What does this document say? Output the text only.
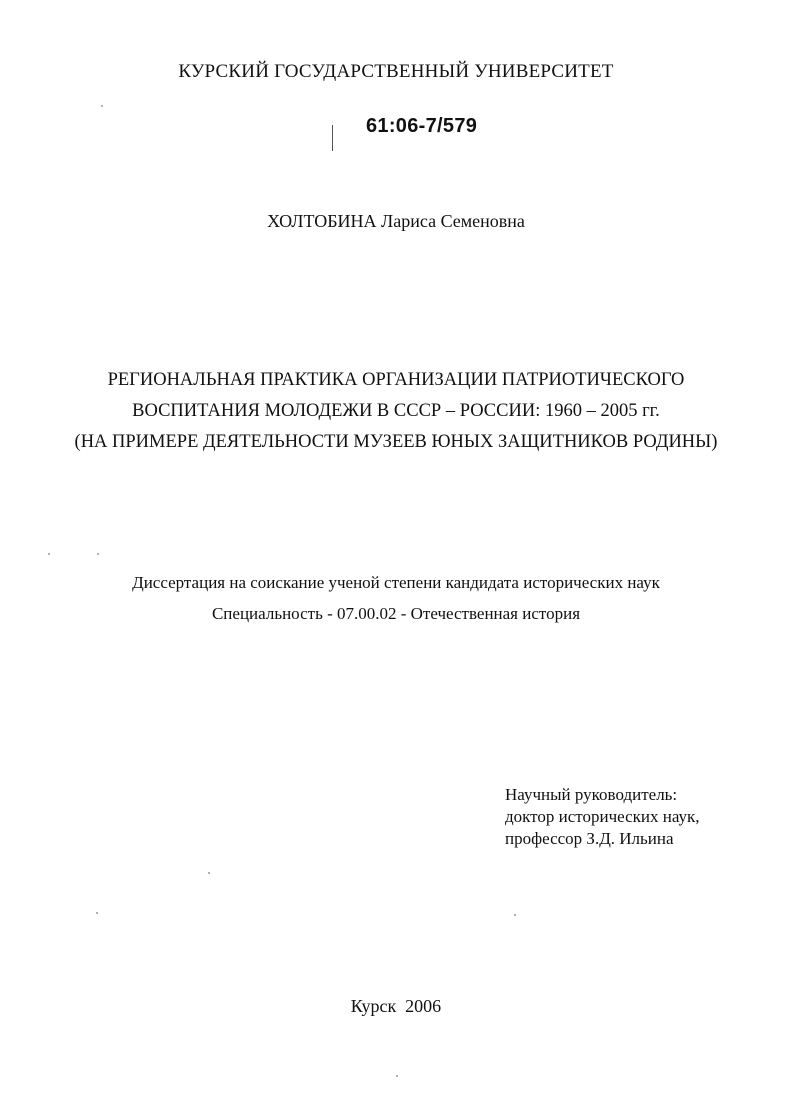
КУРСКИЙ ГОСУДАРСТВЕННЫЙ УНИВЕРСИТЕТ
61:06-7/579
ХОЛТОБИНА Лариса Семеновна
РЕГИОНАЛЬНАЯ ПРАКТИКА ОРГАНИЗАЦИИ ПАТРИОТИЧЕСКОГО
ВОСПИТАНИЯ МОЛОДЕЖИ В СССР – РОССИИ: 1960 – 2005 гг.
(НА ПРИМЕРЕ ДЕЯТЕЛЬНОСТИ МУЗЕЕВ ЮНЫХ ЗАЩИТНИКОВ РОДИНЫ)
Диссертация на соискание ученой степени кандидата исторических наук
Специальность - 07.00.02 - Отечественная история
Научный руководитель:
доктор исторических наук,
профессор З.Д. Ильина
Курск  2006
